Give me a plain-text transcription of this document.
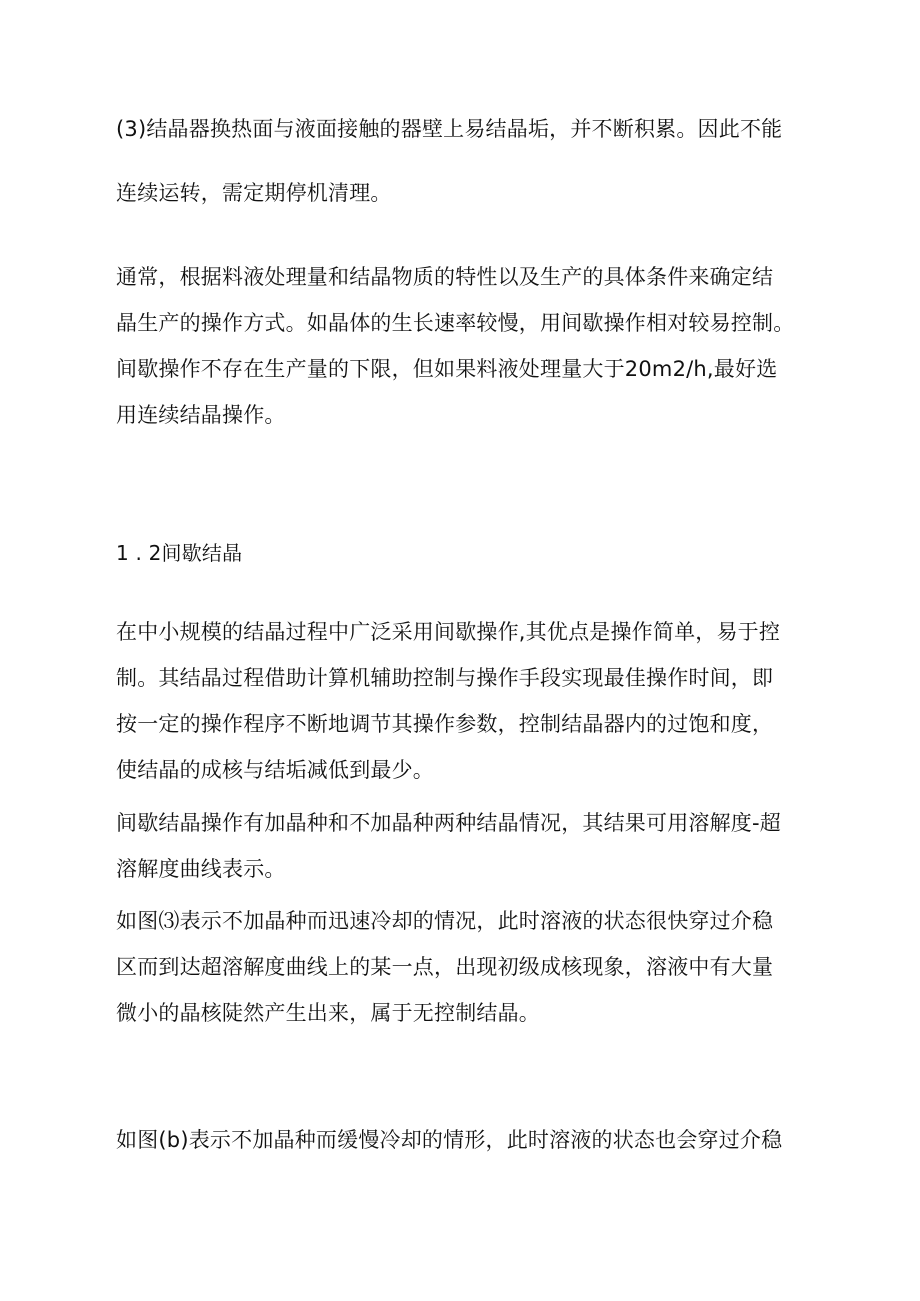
(3)结晶器换热面与液面接触的器壁上易结晶垢，并不断积累。因此不能
连续运转，需定期停机清理。
通常，根据料液处理量和结晶物质的特性以及生产的具体条件来确定结
晶生产的操作方式。如晶体的生长速率较慢，用间歇操作相对较易控制。
间歇操作不存在生产量的下限，但如果料液处理量大于20m2/h,最好选
用连续结晶操作。
1 . 2间歇结晶
在中小规模的结晶过程中广泛采用间歇操作,其优点是操作简单，易于控
制。其结晶过程借助计算机辅助控制与操作手段实现最佳操作时间，即
按一定的操作程序不断地调节其操作参数，控制结晶器内的过饱和度，
使结晶的成核与结垢减低到最少。
间歇结晶操作有加晶种和不加晶种两种结晶情况，其结果可用溶解度-超
溶解度曲线表示。
如图⑶表示不加晶种而迅速冷却的情况，此时溶液的状态很快穿过介稳
区而到达超溶解度曲线上的某一点，出现初级成核现象，溶液中有大量
微小的晶核陡然产生出来，属于无控制结晶。
如图(b)表示不加晶种而缓慢冷却的情形，此时溶液的状态也会穿过介稳
